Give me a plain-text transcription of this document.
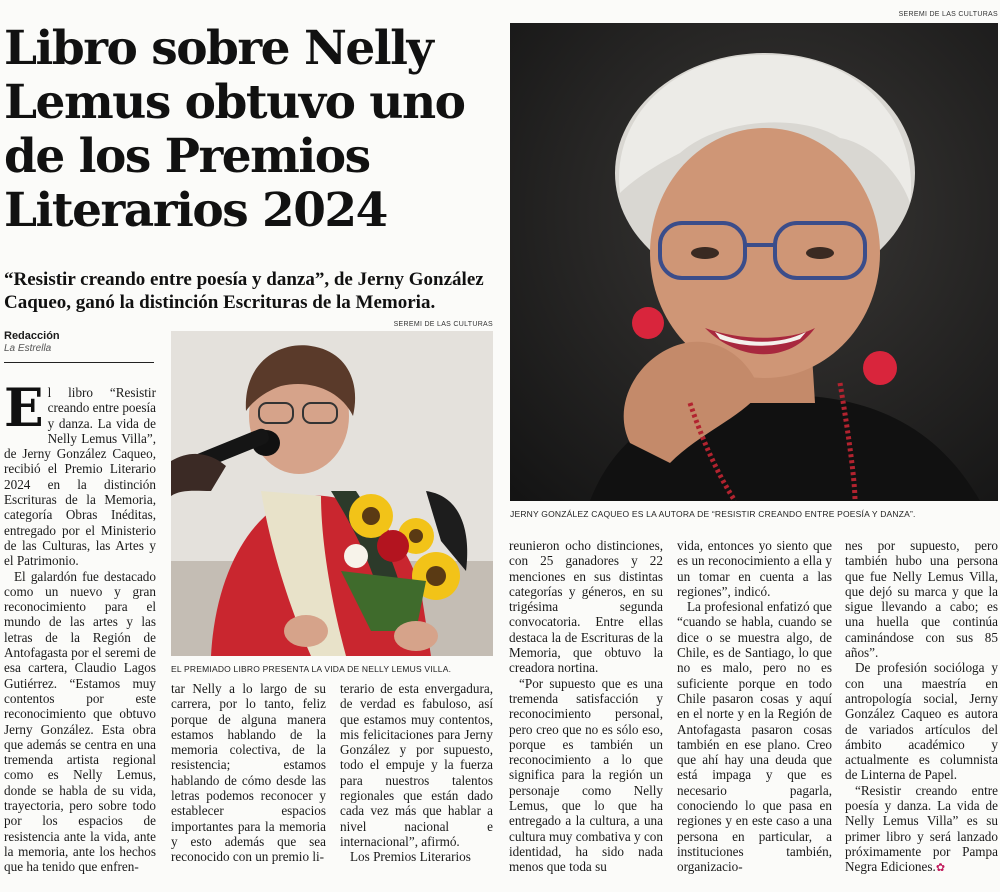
Libro sobre Nelly Lemus obtuvo uno de los Premios Literarios 2024

“Resistir creando entre poesía y danza”, de Jerny González Caqueo, ganó la distinción Escrituras de la Memoria.

Redacción
La Estrella
SEREMI DE LAS CULTURAS
JERNY GONZÁLEZ CAQUEO ES LA AUTORA DE “RESISTIR CREANDO ENTRE POESÍA Y DANZA”.
SEREMI DE LAS CULTURAS
EL PREMIADO LIBRO PRESENTA LA VIDA DE NELLY LEMUS VILLA.
E l libro “Resistir creando entre poesía y danza. La vida de Nelly Lemus Villa”, de Jerny González Caqueo, recibió el Premio Literario 2024 en la distinción Escrituras de la Memoria, categoría Obras Inéditas, entregado por el Ministerio de las Culturas, las Artes y el Patrimonio.

El galardón fue destacado como un nuevo y gran reconocimiento para el mundo de las artes y las letras de la Región de Antofagasta por el seremi de esa cartera, Claudio Lagos Gutiérrez. “Estamos muy contentos por este reconocimiento que obtuvo Jerny González. Esta obra que además se centra en una tremenda artista regional como es Nelly Lemus, donde se habla de su vida, trayectoria, pero sobre todo por los espacios de resistencia ante la vida, ante la memoria, ante los hechos que ha tenido que enfren-

tar Nelly a lo largo de su carrera, por lo tanto, feliz porque de alguna manera estamos hablando de la memoria colectiva, de la resistencia; estamos hablando de cómo desde las letras podemos reconocer y establecer espacios importantes para la memoria y esto además que sea reconocido con un premio li-

terario de esta envergadura, de verdad es fabuloso, así que estamos muy contentos, mis felicitaciones para Jerny González y por supuesto, todo el empuje y la fuerza para nuestros talentos regionales que están dado cada vez más que hablar a nivel nacional e internacional”, afirmó.

Los Premios Literarios

reunieron ocho distinciones, con 25 ganadores y 22 menciones en sus distintas categorías y géneros, en su trigésima segunda convocatoria. Entre ellas destaca la de Escrituras de la Memoria, que obtuvo la creadora nortina.

“Por supuesto que es una tremenda satisfacción y reconocimiento personal, pero creo que no es sólo eso, porque es también un reconocimiento a lo que significa para la región un personaje como Nelly Lemus, que lo que ha entregado a la cultura, a una cultura muy combativa y con identidad, ha sido nada menos que toda su

vida, entonces yo siento que es un reconocimiento a ella y un tomar en cuenta a las regiones”, indicó.

La profesional enfatizó que “cuando se habla, cuando se dice o se muestra algo, de Chile, es de Santiago, lo que no es malo, pero no es suficiente porque en todo Chile pasaron cosas y aquí en el norte y en la Región de Antofagasta pasaron cosas también en ese plano. Creo que ahí hay una deuda que está impaga y que es necesario pagarla, conociendo lo que pasa en regiones y en este caso a una persona en particular, a instituciones también, organizacio-

nes por supuesto, pero también hubo una persona que fue Nelly Lemus Villa, que dejó su marca y que la sigue llevando a cabo; es una huella que continúa caminándose con sus 85 años”.

De profesión socióloga y con una maestría en antropología social, Jerny González Caqueo es autora de variados artículos del ámbito académico y actualmente es columnista de Linterna de Papel.

“Resistir creando entre poesía y danza. La vida de Nelly Lemus Villa” es su primer libro y será lanzado próximamente por Pampa Negra Ediciones.✿
